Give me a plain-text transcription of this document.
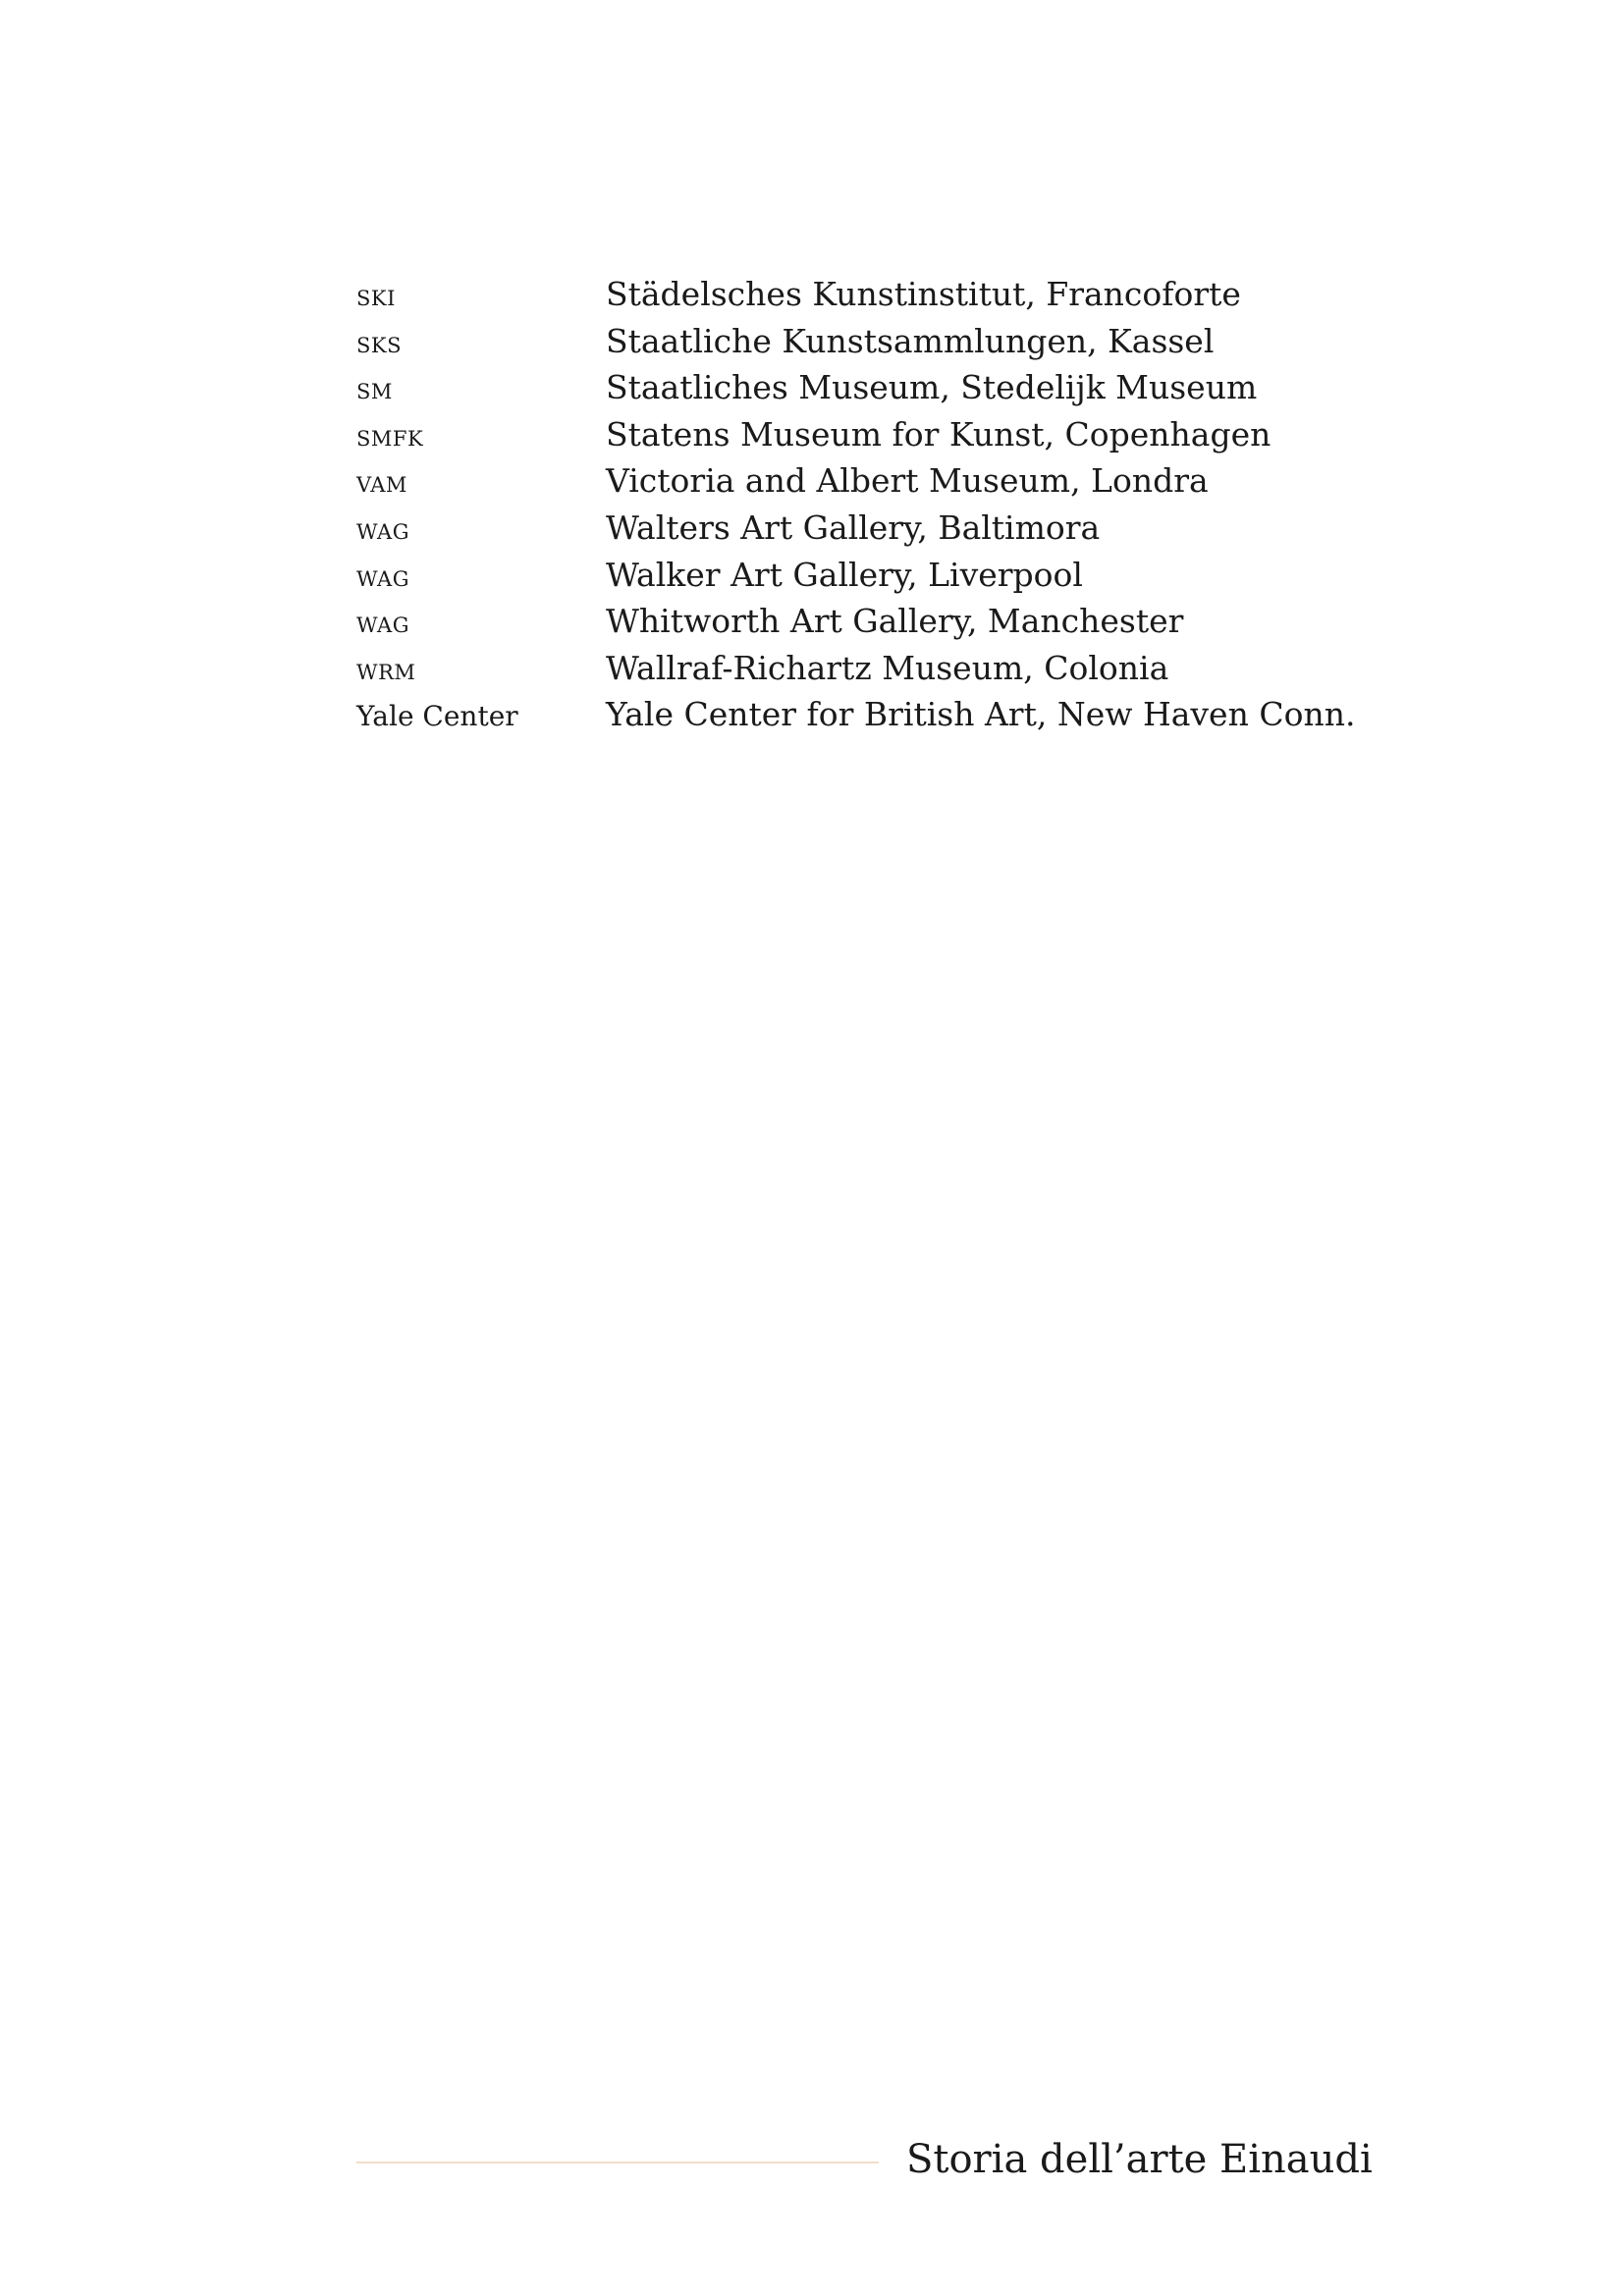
ski	Städelsches Kunstinstitut, Francoforte
sks	Staatliche Kunstsammlungen, Kassel
sm	Staatliches Museum, Stedelijk Museum
smfk	Statens Museum for Kunst, Copenhagen
vam	Victoria and Albert Museum, Londra
wag	Walters Art Gallery, Baltimora
wag	Walker Art Gallery, Liverpool
wag	Whitworth Art Gallery, Manchester
wrm	Wallraf-Richartz Museum, Colonia
Yale Center	Yale Center for British Art, New Haven Conn.
Storia dell’arte Einaudi
